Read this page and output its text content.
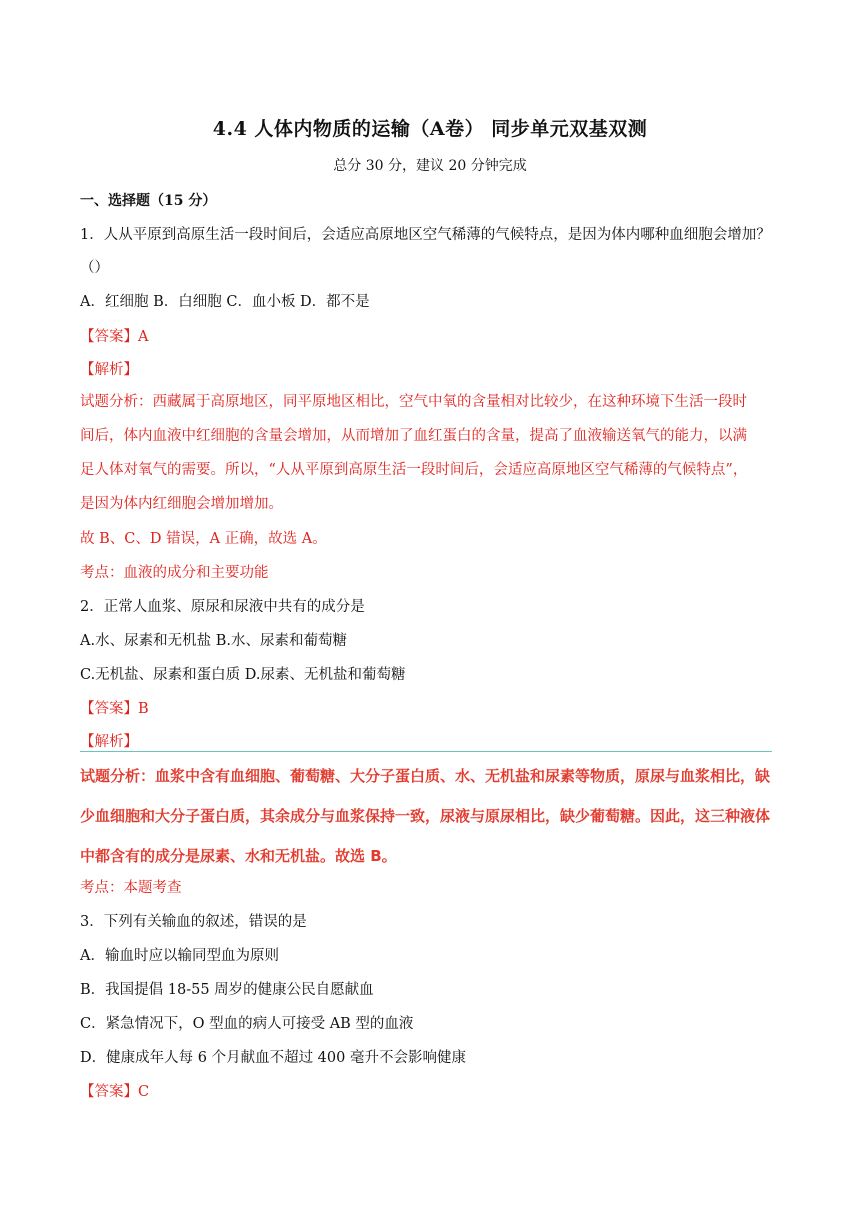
4.4 人体内物质的运输（A卷） 同步单元双基双测
总分 30 分，建议 20 分钟完成
一、选择题（15 分）
1．人从平原到高原生活一段时间后，会适应高原地区空气稀薄的气候特点，是因为体内哪种血细胞会增加？
（）
A．红细胞 B．白细胞 C．血小板 D．都不是
【答案】A
【解析】
试题分析：西藏属于高原地区，同平原地区相比，空气中氧的含量相对比较少，在这种环境下生活一段时
间后，体内血液中红细胞的含量会增加，从而增加了血红蛋白的含量，提高了血液输送氧气的能力，以满
足人体对氧气的需要。所以，“人从平原到高原生活一段时间后，会适应高原地区空气稀薄的气候特点”，
是因为体内红细胞会增加增加。
故 B、C、D 错误，A 正确，故选 A。
考点：血液的成分和主要功能
2．正常人血浆、原尿和尿液中共有的成分是
A.水、尿素和无机盐 B.水、尿素和葡萄糖
C.无机盐、尿素和蛋白质 D.尿素、无机盐和葡萄糖
【答案】B
【解析】
试题分析：血浆中含有血细胞、葡萄糖、大分子蛋白质、水、无机盐和尿素等物质，原尿与血浆相比，缺
少血细胞和大分子蛋白质，其余成分与血浆保持一致，尿液与原尿相比，缺少葡萄糖。因此，这三种液体
中都含有的成分是尿素、水和无机盐。故选 B。
考点：本题考查
3．下列有关输血的叙述，错误的是
A．输血时应以输同型血为原则
B．我国提倡 18-55 周岁的健康公民自愿献血
C．紧急情况下，O 型血的病人可接受 AB 型的血液
D．健康成年人每 6 个月献血不超过 400 毫升不会影响健康
【答案】C
